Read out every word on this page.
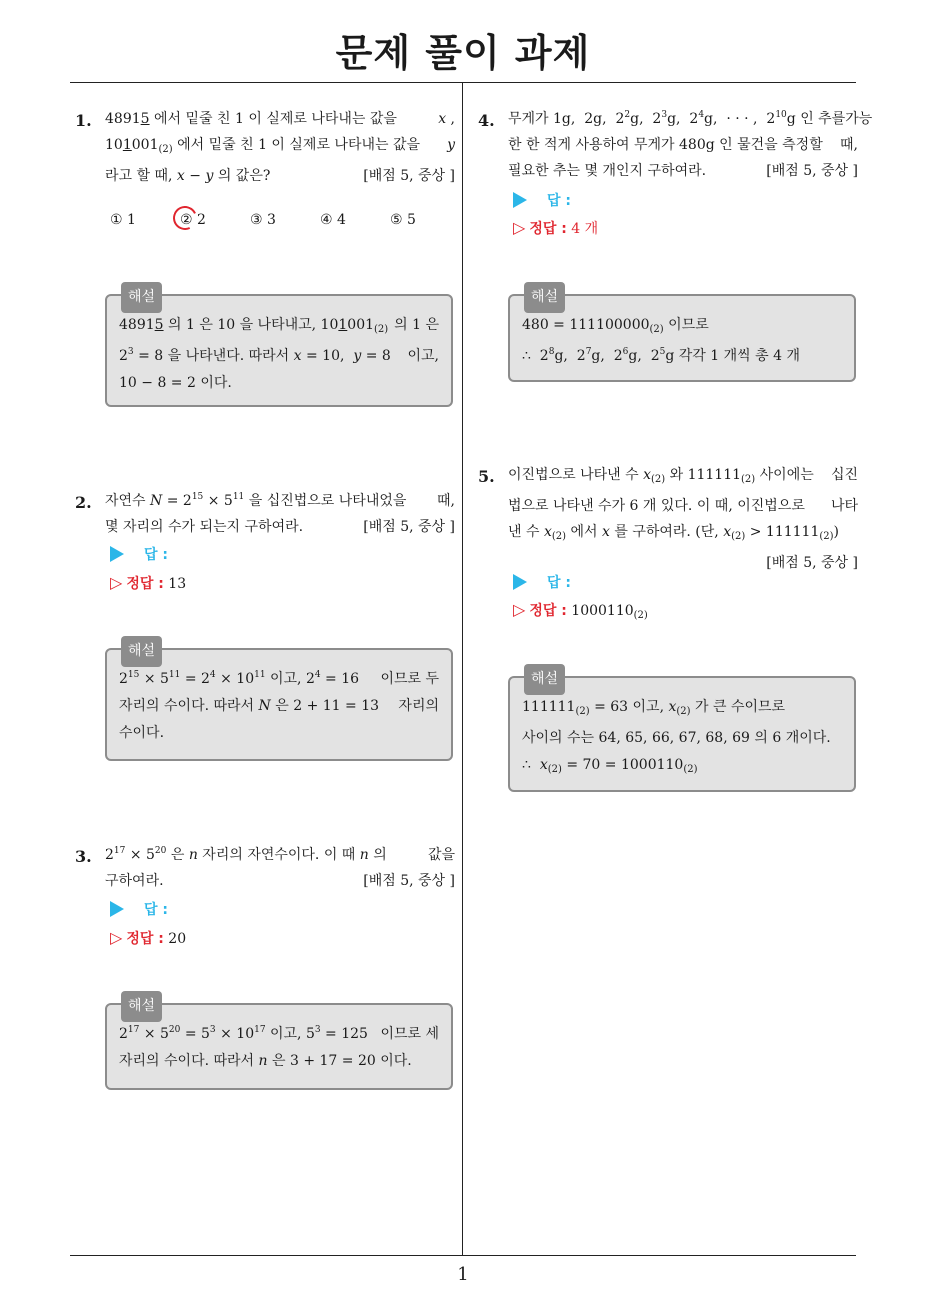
문제 풀이 과제
1. 48915 에서 밑줄 친 1 이 실제로 나타내는 값을	x ,
$101001_{(2)}$ 에서 밑줄 친 1 이 실제로 나타내는 값을 y
라고 할 때, x − y 의 값은?	[배점 5, 중상 ]
① 1	② 2	③ 3	④ 4	⑤ 5
해설
48915 의 1 은 10 을 나타내고, $101001_{(2)}$ 의 1 은
$2^3 = 8$ 을 나타낸다. 따라서 x = 10,  y = 8 이고,
10 − 8 = 2 이다.
2. 자연수 $N = 2^{15} \times 5^{11}$ 을 십진법으로 나타내었을 때,
몇 자리의 수가 되는지 구하여라.	[배점 5, 중상 ]
답 :
▷ 정답 : 13
해설
$2^{15} \times 5^{11} = 2^4 \times 10^{11}$ 이고, $2^4 = 16$ 이므로 두
자리의 수이다. 따라서 N 은 2 + 11 = 13 자리의
수이다.
3. $2^{17} \times 5^{20}$ 은 n 자리의 자연수이다. 이 때 n 의	값을
구하여라.	[배점 5, 중상 ]
답 :
▷ 정답 : 20
해설
$2^{17} \times 5^{20} = 5^3 \times 10^{17}$ 이고, $5^3 = 125$ 이므로 세
자리의 수이다. 따라서 n 은 3 + 17 = 20 이다.
4. 무게가 1g,  2g,  $2^2g$,  $2^3g$,  $2^4g$,  · · · ,  $2^{10}g$ 인 추를 가능
한 한 적게 사용하여 무게가 480g 인 물건을 측정할 때,
필요한 추는 몇 개인지 구하여라.	[배점 5, 중상 ]
답 :
▷ 정답 : 4 개
해설
$480 = 111100000_{(2)}$ 이므로
∴  $2^8g$,  $2^7g$,  $2^6g$,  $2^5g$ 각각 1 개씩 총 4 개
5. 이진법으로 나타낸 수 $x_{(2)}$ 와 $111111_{(2)}$ 사이에는 십진
법으로 나타낸 수가 6 개 있다. 이 때, 이진법으로 나타
낸 수 $x_{(2)}$ 에서 x 를 구하여라. (단, $x_{(2)} > 111111_{(2)}$)
[배점 5, 중상 ]
답 :
▷ 정답 : $1000110_{(2)}$
해설
$111111_{(2)} = 63$ 이고, $x_{(2)}$ 가 큰 수이므로
사이의 수는 64, 65, 66, 67, 68, 69 의 6 개이다.
∴  $x_{(2)} = 70 = 1000110_{(2)}$
1
